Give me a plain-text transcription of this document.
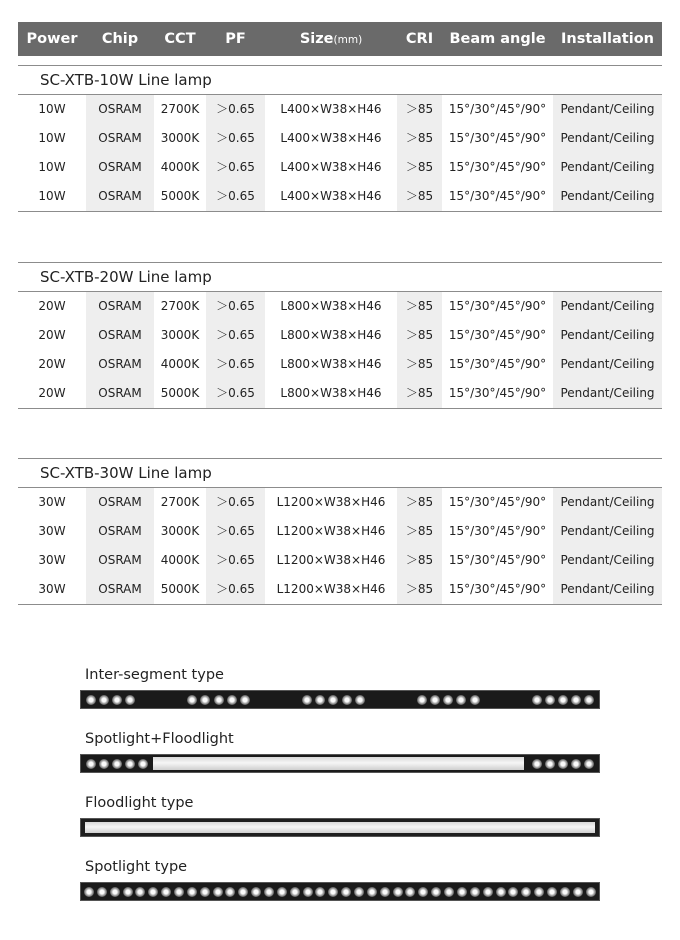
Power	Chip	CCT	PF	Size(mm)	CRI	Beam angle	Installation
SC-XTB-10W Line lamp
10W	OSRAM	2700K	＞0.65	L400×W38×H46	＞85	15°/30°/45°/90°	Pendant/Ceiling
10W	OSRAM	3000K	＞0.65	L400×W38×H46	＞85	15°/30°/45°/90°	Pendant/Ceiling
10W	OSRAM	4000K	＞0.65	L400×W38×H46	＞85	15°/30°/45°/90°	Pendant/Ceiling
10W	OSRAM	5000K	＞0.65	L400×W38×H46	＞85	15°/30°/45°/90°	Pendant/Ceiling
SC-XTB-20W Line lamp
20W	OSRAM	2700K	＞0.65	L800×W38×H46	＞85	15°/30°/45°/90°	Pendant/Ceiling
20W	OSRAM	3000K	＞0.65	L800×W38×H46	＞85	15°/30°/45°/90°	Pendant/Ceiling
20W	OSRAM	4000K	＞0.65	L800×W38×H46	＞85	15°/30°/45°/90°	Pendant/Ceiling
20W	OSRAM	5000K	＞0.65	L800×W38×H46	＞85	15°/30°/45°/90°	Pendant/Ceiling
SC-XTB-30W Line lamp
30W	OSRAM	2700K	＞0.65	L1200×W38×H46	＞85	15°/30°/45°/90°	Pendant/Ceiling
30W	OSRAM	3000K	＞0.65	L1200×W38×H46	＞85	15°/30°/45°/90°	Pendant/Ceiling
30W	OSRAM	4000K	＞0.65	L1200×W38×H46	＞85	15°/30°/45°/90°	Pendant/Ceiling
30W	OSRAM	5000K	＞0.65	L1200×W38×H46	＞85	15°/30°/45°/90°	Pendant/Ceiling
Inter-segment type
Spotlight+Floodlight
Floodlight type
Spotlight type
